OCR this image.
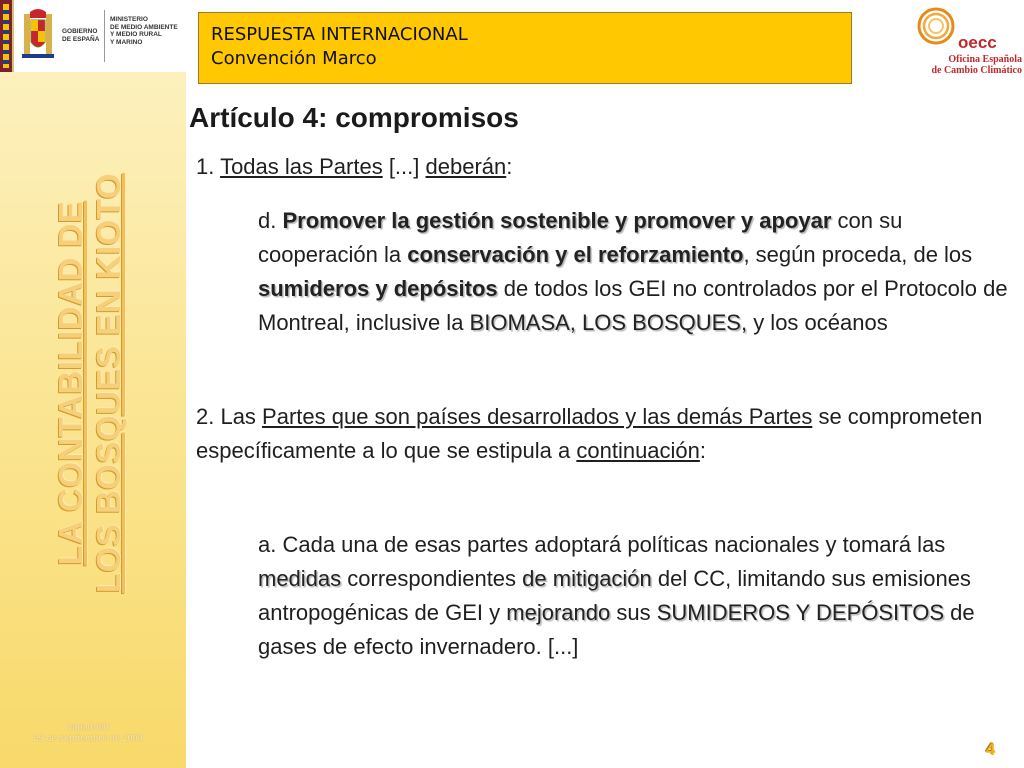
GOBIERNO
DE ESPAÑA
MINISTERIO
DE MEDIO AMBIENTE
Y MEDIO RURAL
Y MARINO
LA CONTABILIDAD DE LOS BOSQUES EN KIOTO
Valladolid
25 de septiembre de 2008
RESPUESTA INTERNACIONAL
Convención Marco
oecc
Oficina Española
de Cambio Climático
Artículo 4: compromisos

1. Todas las Partes [...] deberán:

d. Promover la gestión sostenible y promover y apoyar con su cooperación la conservación y el reforzamiento, según proceda, de los sumideros y depósitos de todos los GEI no controlados por el Protocolo de Montreal, inclusive la BIOMASA, LOS BOSQUES, y los océanos

2. Las Partes que son países desarrollados y las demás Partes se comprometen específicamente a lo que se estipula a continuación:

a. Cada una de esas partes adoptará políticas nacionales y tomará las medidas correspondientes de mitigación del CC, limitando sus emisiones antropogénicas de GEI y mejorando sus SUMIDEROS Y DEPÓSITOS de gases de efecto invernadero. [...]

4
